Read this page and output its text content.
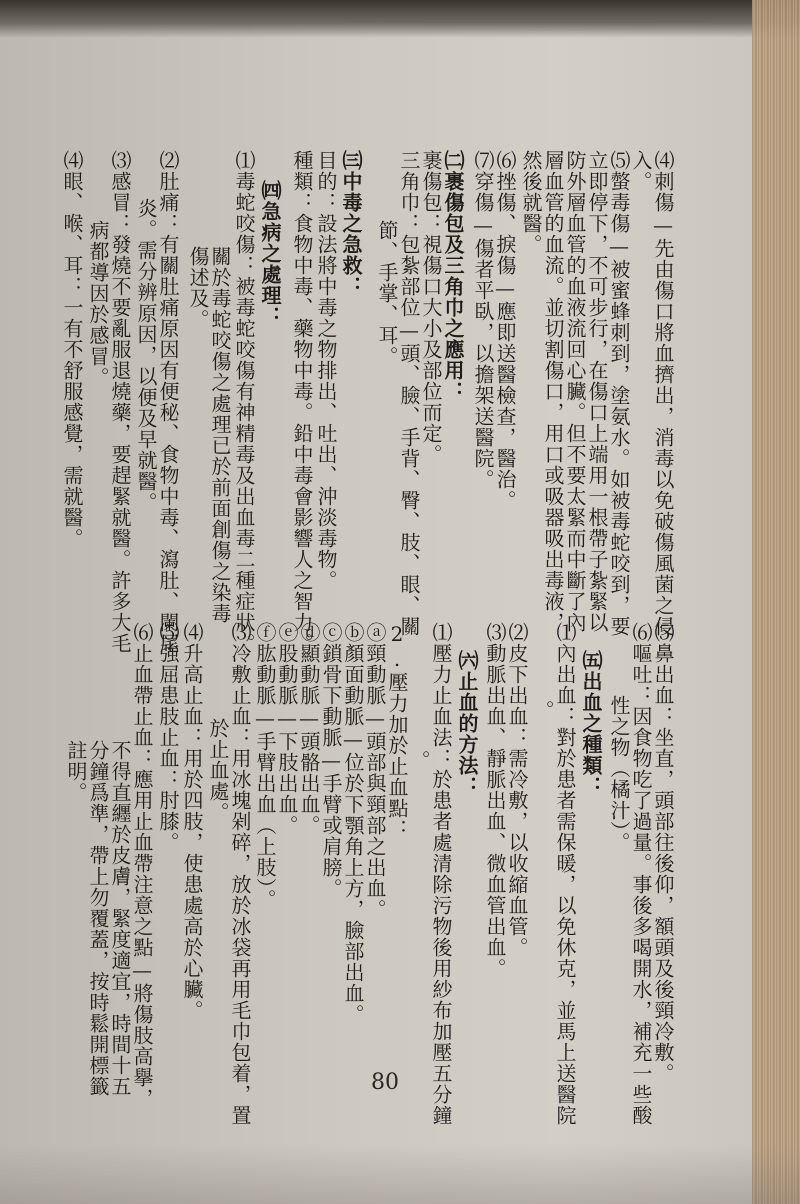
⑷刺傷—先由傷口將血擠出，消毒以免破傷風菌之侵
入。
⑸螫毒傷—被蜜蜂刺到，塗氨水。如被毒蛇咬到，要
立即停下，不可步行，在傷口上端用一根帶子紮緊以
防外層血管的血液流回心臟。但不要太緊而中斷了內
層血管的血流。並切割傷口，用口或吸器吸出毒液，
然後就醫。
⑹挫傷、捩傷—應即送醫檢查，醫治。
⑺穿傷—傷者平臥，以擔架送醫院。
㈡裹傷包及三角巾之應用：
裹傷包：視傷口大小及部位而定。
三角巾：包紮部位—頭、臉、手背、臀、肢、眼、關
節、手掌、耳。
㈢中毒之急救：
目的：設法將中毒之物排出、吐出、沖淡毒物。
種類：食物中毒、藥物中毒。鉛中毒會影響人之智力。
㈣急病之處理：
⑴毒蛇咬傷：被毒蛇咬傷有神精毒及出血毒二種症狀。
關於毒蛇咬傷之處理已於前面創傷之染毒
傷述及。
⑵肚痛：有關肚痛原因有便秘、食物中毒、瀉肚、闌尾
炎。需分辨原因，以便及早就醫。
⑶感冒：發燒不要亂服退燒藥，要趕緊就醫。許多大毛
病都導因於感冒。
⑷眼、喉、耳：一有不舒服感覺，需就醫。
⑸鼻出血：坐直，頭部往後仰，額頭及後頸冷敷。
⑹嘔吐：因食物吃了過量。事後多喝開水，補充一些酸
性之物（橘汁）。
㈤出血之種類：
⑴內出血：對於患者需保暖，以免休克，並馬上送醫院
。
⑵皮下出血：需冷敷，以收縮血管。
⑶動脈出血、靜脈出血、微血管出血。
㈥止血的方法：
⑴壓力止血法：於患者處清除污物後用紗布加壓五分鐘
。
2.壓力加於止血點：
ⓐ頸動脈—頭部與頸部之出血。
ⓑ顏面動脈—位於下顎角上方，臉部出血。
ⓒ鎖骨下動脈—手臂或肩膀。
ⓓ顯動脈—頭骼出血。
ⓔ股動脈—下肢出血。
ⓕ肱動脈—手臂出血（上肢）。
⑶冷敷止血：用冰塊剁碎，放於冰袋再用毛巾包着，置
於止血處。
⑷升高止血：用於四肢，使患處高於心臟。
⑸強屈患肢止血：肘膝。
⑹止血帶止血：應用止血帶注意之點—將傷肢高擧，
不得直纒於皮膚，緊度適宜，時間十五
分鐘爲準，帶上勿覆蓋，按時鬆開標籤
註明。
80
